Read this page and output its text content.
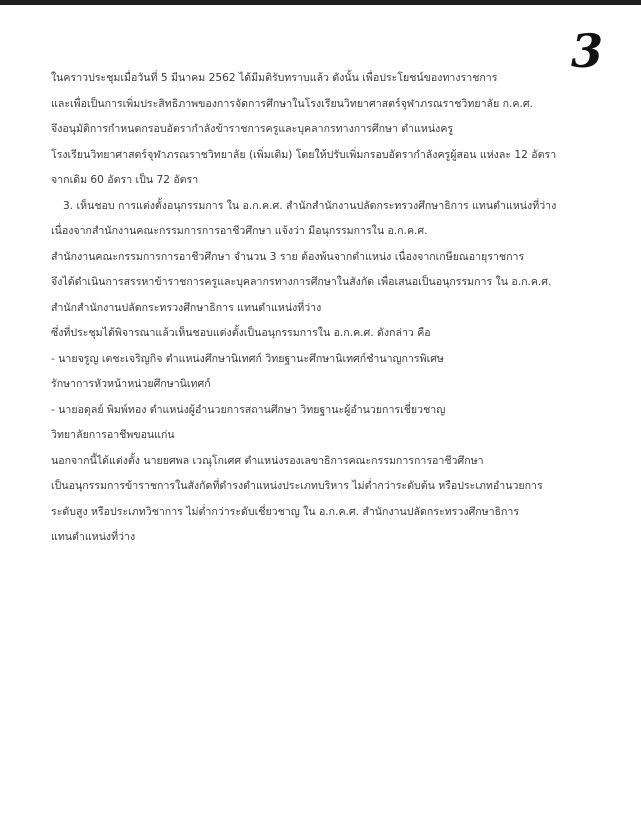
3
ในคราวประชุมเมื่อวันที่ 5 มีนาคม 2562 ได้มีมติรับทราบแล้ว ดังนั้น เพื่อประโยชน์ของทางราชการ
และเพื่อเป็นการเพิ่มประสิทธิภาพของการจัดการศึกษาในโรงเรียนวิทยาศาสตร์จุฬาภรณราชวิทยาลัย ก.ค.ศ.
จึงอนุมัติการกำหนดกรอบอัตรากำลังข้าราชการครูและบุคลากรทางการศึกษา ตำแหน่งครู
โรงเรียนวิทยาศาสตร์จุฬาภรณราชวิทยาลัย (เพิ่มเติม) โดยให้ปรับเพิ่มกรอบอัตรากำลังครูผู้สอน แห่งละ 12 อัตรา
จากเดิม 60 อัตรา เป็น 72 อัตรา
3. เห็นชอบ การแต่งตั้งอนุกรรมการ ใน อ.ก.ค.ศ. สำนักสำนักงานปลัดกระทรวงศึกษาธิการ แทนตำแหน่งที่ว่าง
เนื่องจากสำนักงานคณะกรรมการการอาชีวศึกษา แจ้งว่า มีอนุกรรมการใน อ.ก.ค.ศ.
สำนักงานคณะกรรมการการอาชีวศึกษา จำนวน 3 ราย ต้องพ้นจากตำแหน่ง เนื่องจากเกษียณอายุราชการ
จึงได้ดำเนินการสรรหาข้าราชการครูและบุคลากรทางการศึกษาในสังกัด เพื่อเสนอเป็นอนุกรรมการ ใน อ.ก.ค.ศ.
สำนักสำนักงานปลัดกระทรวงศึกษาธิการ แทนตำแหน่งที่ว่าง
ซึ่งที่ประชุมได้พิจารณาแล้วเห็นชอบแต่งตั้งเป็นอนุกรรมการใน อ.ก.ค.ศ. ดังกล่าว คือ
- นายจรูญ เตชะเจริญกิจ ตำแหน่งศึกษานิเทศก์ วิทยฐานะศึกษานิเทศก์ชำนาญการพิเศษ
รักษาการหัวหน้าหน่วยศึกษานิเทศก์
- นายอดุลย์ พิมพ์ทอง ตำแหน่งผู้อำนวยการสถานศึกษา วิทยฐานะผู้อำนวยการเชี่ยวชาญ
วิทยาลัยการอาชีพขอนแก่น
นอกจากนี้ได้แต่งตั้ง นายยศพล เวณุโกเศศ ตำแหน่งรองเลขาธิการคณะกรรมการการอาชีวศึกษา
เป็นอนุกรรมการข้าราชการในสังกัดที่ดำรงตำแหน่งประเภทบริหาร ไม่ต่ำกว่าระดับต้น หรือประเภทอำนวยการ
ระดับสูง หรือประเภทวิชาการ ไม่ต่ำกว่าระดับเชี่ยวชาญ ใน อ.ก.ค.ศ. สำนักงานปลัดกระทรวงศึกษาธิการ
แทนตำแหน่งที่ว่าง
